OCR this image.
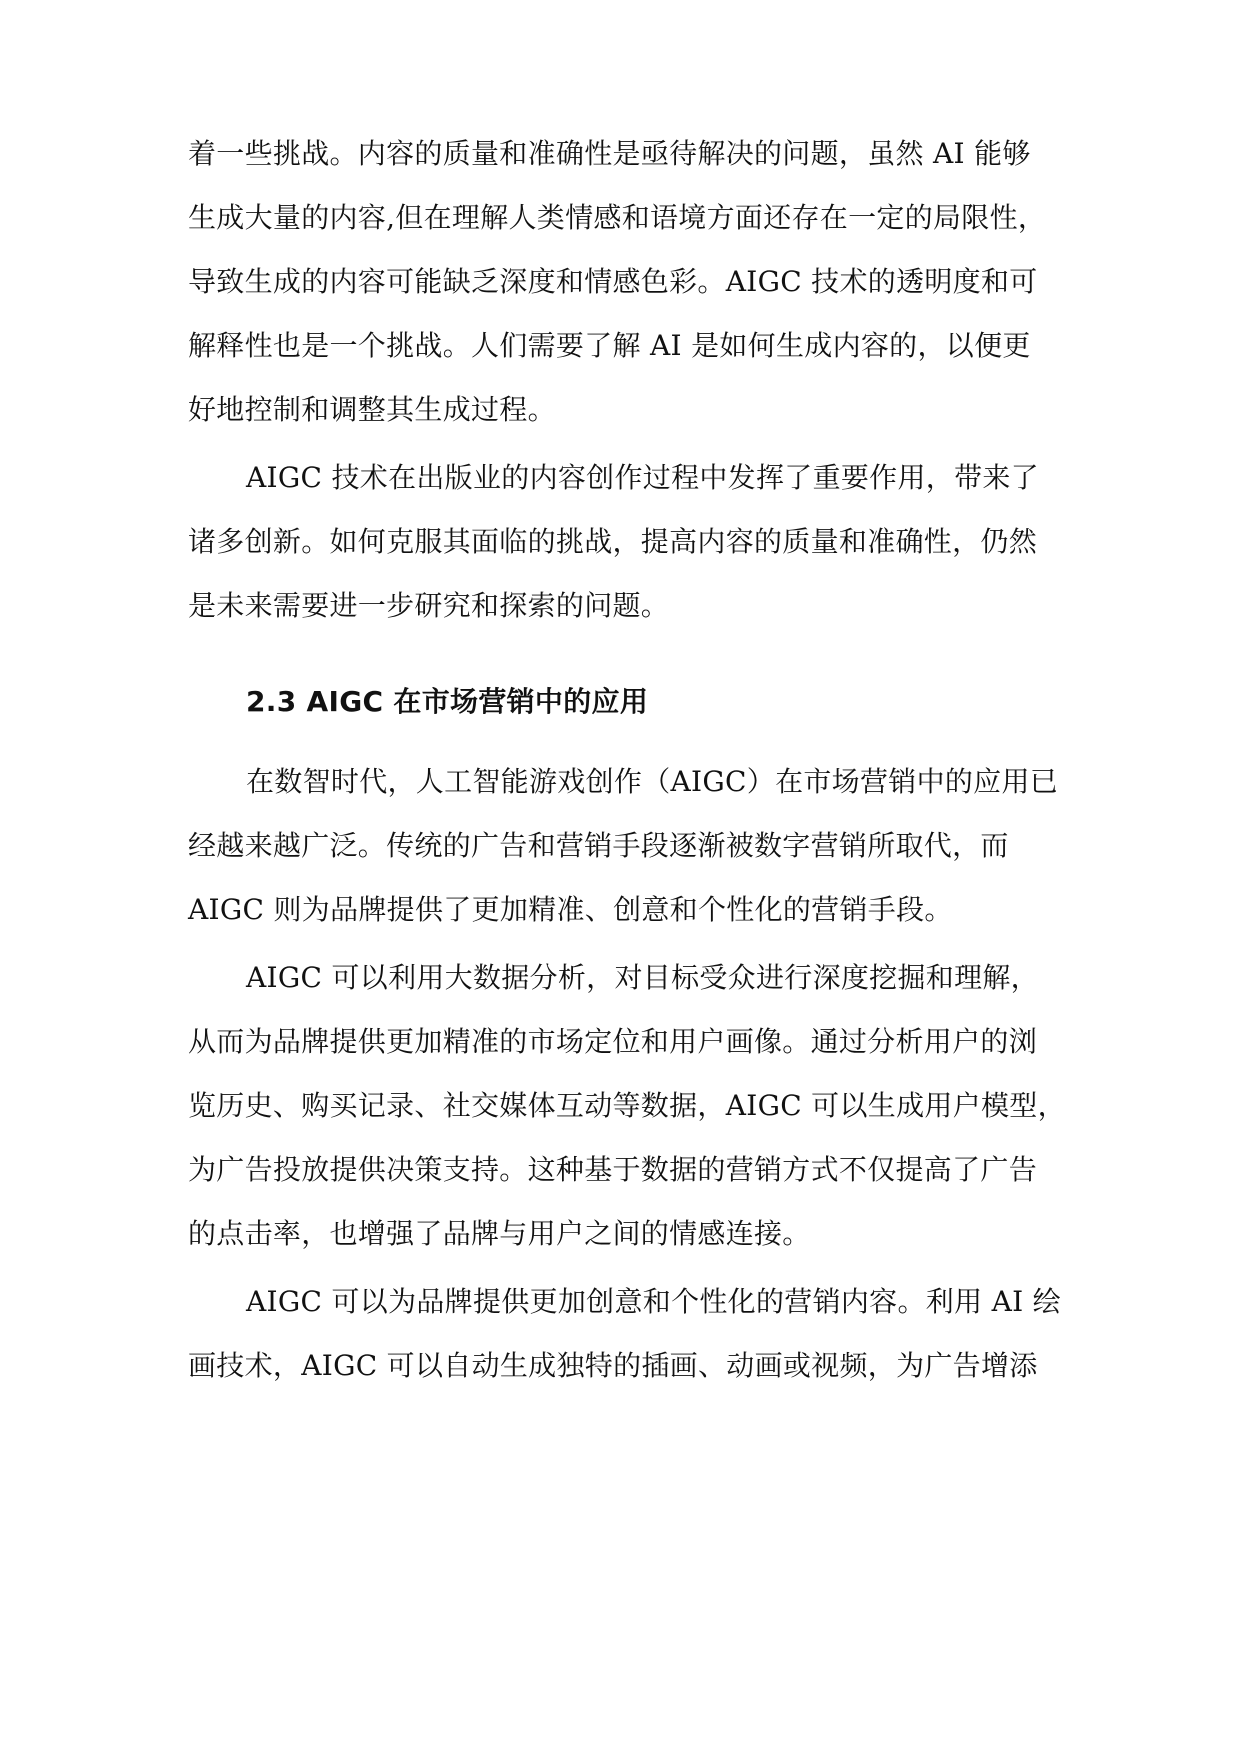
着一些挑战。内容的质量和准确性是亟待解决的问题，虽然 AI 能够
生成大量的内容,但在理解人类情感和语境方面还存在一定的局限性，
导致生成的内容可能缺乏深度和情感色彩。AIGC 技术的透明度和可
解释性也是一个挑战。人们需要了解 AI 是如何生成内容的，以便更
好地控制和调整其生成过程。
AIGC 技术在出版业的内容创作过程中发挥了重要作用，带来了
诸多创新。如何克服其面临的挑战，提高内容的质量和准确性，仍然
是未来需要进一步研究和探索的问题。
2.3 AIGC 在市场营销中的应用
在数智时代，人工智能游戏创作（AIGC）在市场营销中的应用已
经越来越广泛。传统的广告和营销手段逐渐被数字营销所取代，而
AIGC 则为品牌提供了更加精准、创意和个性化的营销手段。
AIGC 可以利用大数据分析，对目标受众进行深度挖掘和理解，
从而为品牌提供更加精准的市场定位和用户画像。通过分析用户的浏
览历史、购买记录、社交媒体互动等数据，AIGC 可以生成用户模型，
为广告投放提供决策支持。这种基于数据的营销方式不仅提高了广告
的点击率，也增强了品牌与用户之间的情感连接。
AIGC 可以为品牌提供更加创意和个性化的营销内容。利用 AI 绘
画技术，AIGC 可以自动生成独特的插画、动画或视频，为广告增添
